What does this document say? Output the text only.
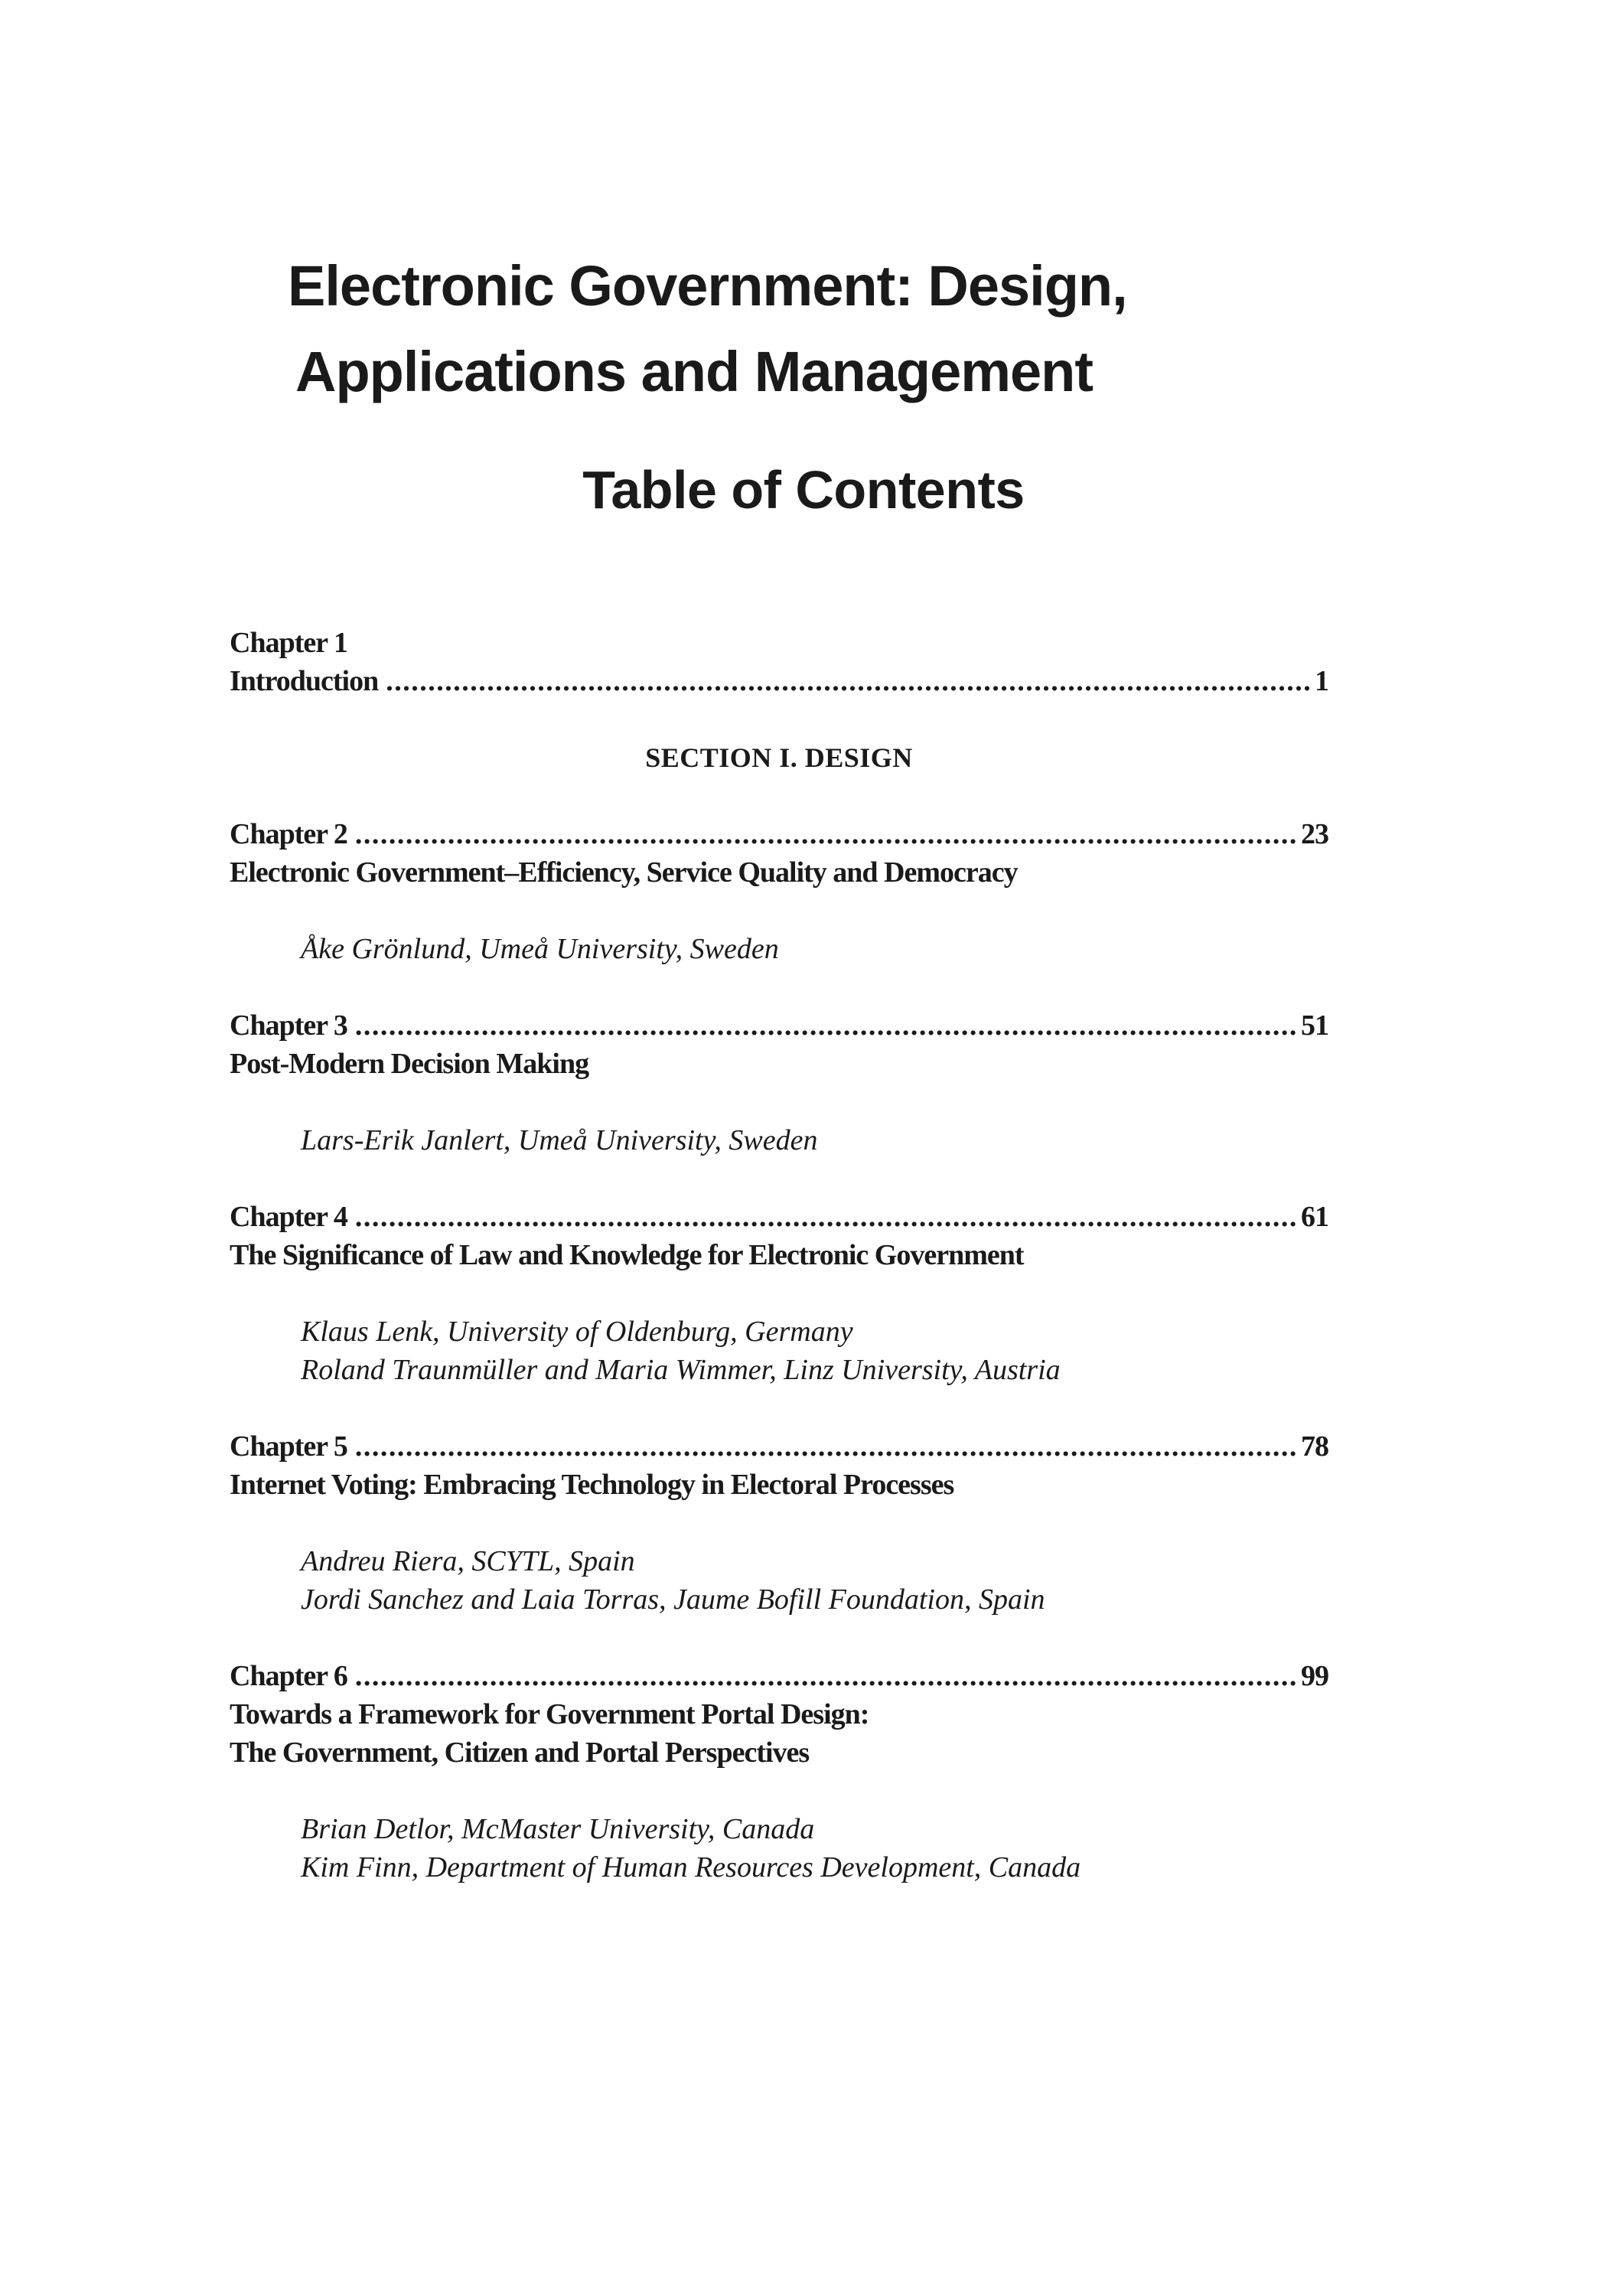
Electronic Government: Design,
Applications and Management
Table of Contents
Chapter 1
Introduction . . .	1
SECTION I. DESIGN
Chapter 2 . . .	23
Electronic Government–Efficiency, Service Quality and Democracy
Åke Grönlund, Umeå University, Sweden
Chapter 3 . . .	51
Post-Modern Decision Making
Lars-Erik Janlert, Umeå University, Sweden
Chapter 4 . . .	61
The Significance of Law and Knowledge for Electronic Government
Klaus Lenk, University of Oldenburg, Germany
Roland Traunmüller and Maria Wimmer, Linz University, Austria
Chapter 5 . . .	78
Internet Voting: Embracing Technology in Electoral Processes
Andreu Riera, SCYTL, Spain
Jordi Sanchez and Laia Torras, Jaume Bofill Foundation, Spain
Chapter 6 . . .	99
Towards a Framework for Government Portal Design:
The Government, Citizen and Portal Perspectives
Brian Detlor, McMaster University, Canada
Kim Finn, Department of Human Resources Development, Canada
